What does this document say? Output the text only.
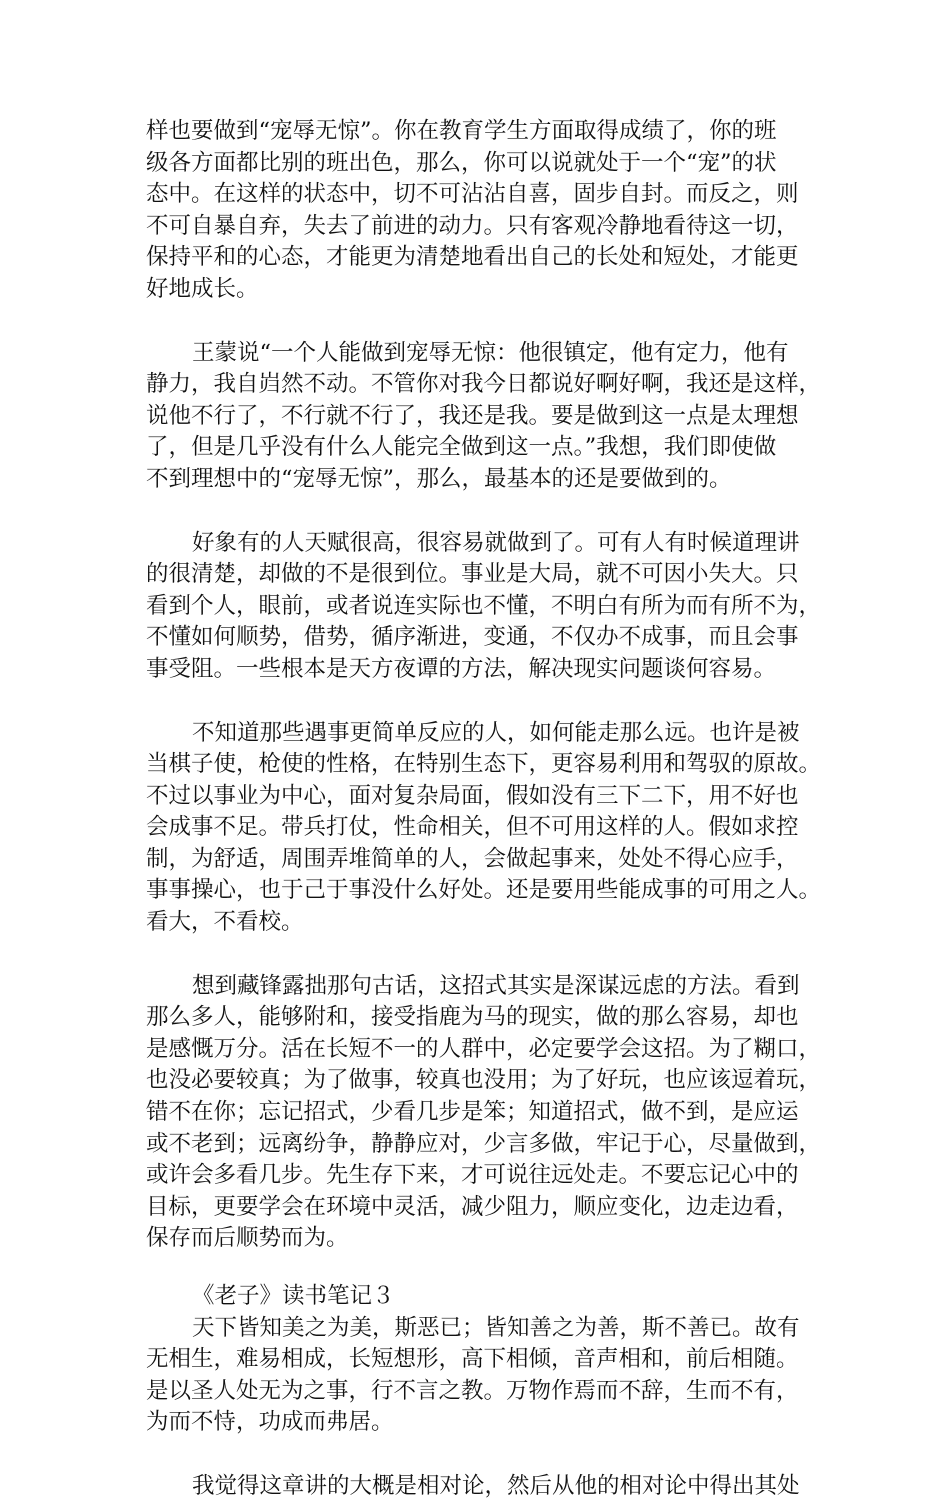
样也要做到“宠辱无惊”。你在教育学生方面取得成绩了，你的班
级各方面都比别的班出色，那么，你可以说就处于一个“宠”的状
态中。在这样的状态中，切不可沾沾自喜，固步自封。而反之，则
不可自暴自弃，失去了前进的动力。只有客观冷静地看待这一切，
保持平和的心态，才能更为清楚地看出自己的长处和短处，才能更
好地成长。
王蒙说“一个人能做到宠辱无惊：他很镇定，他有定力，他有
静力，我自岿然不动。不管你对我今日都说好啊好啊，我还是这样，
说他不行了，不行就不行了，我还是我。要是做到这一点是太理想
了，但是几乎没有什么人能完全做到这一点。”我想，我们即使做
不到理想中的“宠辱无惊”，那么，最基本的还是要做到的。
好象有的人天赋很高，很容易就做到了。可有人有时候道理讲
的很清楚，却做的不是很到位。事业是大局，就不可因小失大。只
看到个人，眼前，或者说连实际也不懂，不明白有所为而有所不为，
不懂如何顺势，借势，循序渐进，变通，不仅办不成事，而且会事
事受阻。一些根本是天方夜谭的方法，解决现实问题谈何容易。
不知道那些遇事更简单反应的人，如何能走那么远。也许是被
当棋子使，枪使的性格，在特别生态下，更容易利用和驾驭的原故。
不过以事业为中心，面对复杂局面，假如没有三下二下，用不好也
会成事不足。带兵打仗，性命相关，但不可用这样的人。假如求控
制，为舒适，周围弄堆简单的人，会做起事来，处处不得心应手，
事事操心，也于己于事没什么好处。还是要用些能成事的可用之人。
看大，不看校。
想到藏锋露拙那句古话，这招式其实是深谋远虑的方法。看到
那么多人，能够附和，接受指鹿为马的现实，做的那么容易，却也
是感慨万分。活在长短不一的人群中，必定要学会这招。为了糊口，
也没必要较真；为了做事，较真也没用；为了好玩，也应该逗着玩，
错不在你；忘记招式，少看几步是笨；知道招式，做不到，是应运
或不老到；远离纷争，静静应对，少言多做，牢记于心，尽量做到，
或许会多看几步。先生存下来，才可说往远处走。不要忘记心中的
目标，更要学会在环境中灵活，减少阻力，顺应变化，边走边看，
保存而后顺势而为。
《老子》读书笔记３
天下皆知美之为美，斯恶已；皆知善之为善，斯不善已。故有
无相生，难易相成，长短想形，高下相倾，音声相和，前后相随。
是以圣人处无为之事，行不言之教。万物作焉而不辞，生而不有，
为而不恃，功成而弗居。
我觉得这章讲的大概是相对论，然后从他的相对论中得出其处
